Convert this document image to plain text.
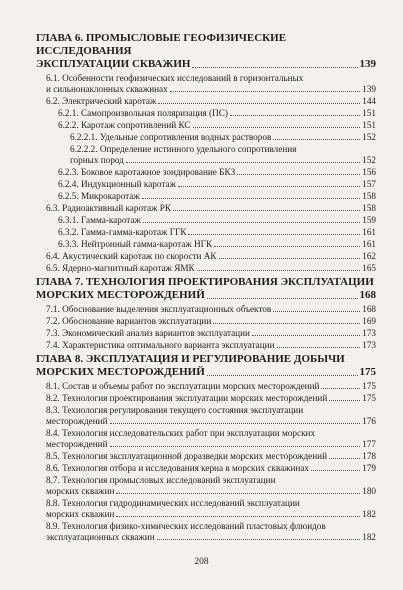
ГЛАВА 6. ПРОМЫСЛОВЫЕ ГЕОФИЗИЧЕСКИЕ ИССЛЕДОВАНИЯ
ЭКСПЛУАТАЦИИ СКВАЖИН	139
6.1. Особенности геофизических исследований в горизонтальных
и сильнонаклонных скважинах	139
6.2. Электрический каротаж	144
6.2.1. Самопроизвольная поляризация (ПС)	151
6.2.2. Каротаж сопротивлений КС	151
6.2.2.1. Удельные сопротивления водных растворов	152
6.2.2.2. Определение истинного удельного сопротивления
горных пород	152
6.2.3. Боковое каротажное зондирование БКЗ	156
6.2.4. Индукционный каротаж	157
6.2.5. Микрокаротаж	158
6.3. Радиоактивный каротаж РК	158
6.3.1. Гамма-каротаж	159
6.3.2. Гамма-гамма-каротаж ГГК	161
6.3.3. Нейтронный гамма-каротаж НГК	161
6.4. Акустический каротаж по скорости АК	162
6.5. Ядерно-магнитный каротаж ЯМК	165
ГЛАВА 7. ТЕХНОЛОГИЯ ПРОЕКТИРОВАНИЯ ЭКСПЛУАТАЦИИ
МОРСКИХ МЕСТОРОЖДЕНИЙ	168
7.1. Обоснование выделения эксплуатационных объектов	168
7.2. Обоснование вариантов эксплуатации	169
7.3. Экономический анализ вариантов эксплуатации	173
7.4. Характеристика оптимального варианта эксплуатации	173
ГЛАВА 8. ЭКСПЛУАТАЦИЯ И РЕГУЛИРОВАНИЕ ДОБЫЧИ
МОРСКИХ МЕСТОРОЖДЕНИЙ	175
8.1. Состав и объемы работ по эксплуатации морских месторождений	175
8.2. Технология проектирования эксплуатации морских месторождений	175
8.3. Технология регулирования текущего состояния эксплуатации
месторождений	176
8.4. Технология исследовательских работ при эксплуатации морских
месторождений	177
8.5. Технология эксплуатационной доразведки морских месторождений	178
8.6. Технология отбора и исследования керна в морских скважинах	179
8.7. Технология промысловых исследований эксплуатации
морских скважин	180
8.8. Технология гидродинамических исследований эксплуатации
морских скважин	182
8.9. Технология физико-химических исследований пластовых флюидов
эксплуатационных скважин	182
208
